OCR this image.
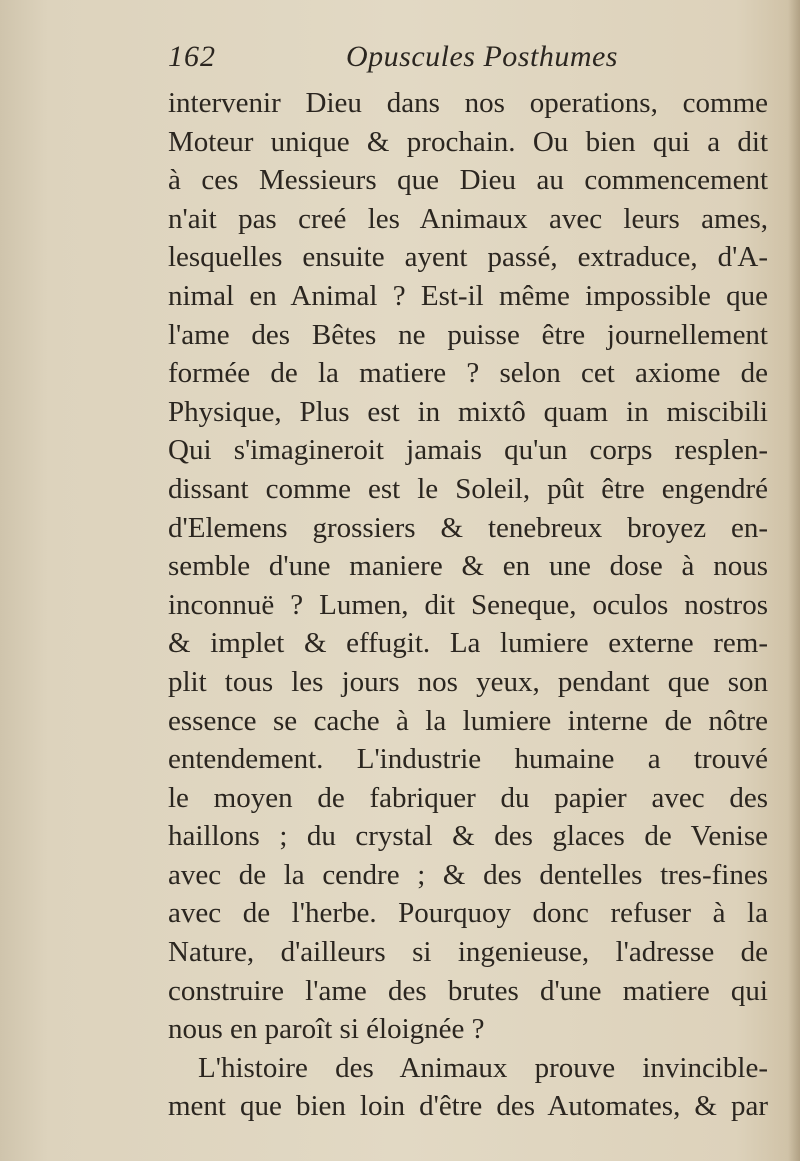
162	Opuscules Posthumes
intervenir Dieu dans nos operations, comme
Moteur unique & prochain. Ou bien qui a dit
à ces Messieurs que Dieu au commencement
n'ait pas creé les Animaux avec leurs ames,
lesquelles ensuite ayent passé, extraduce, d'A-
nimal en Animal ? Est-il même impossible que
l'ame des Bêtes ne puisse être journellement
formée de la matiere ? selon cet axiome de
Physique, Plus est in mixtô quam in miscibili
Qui s'imagineroit jamais qu'un corps resplen-
dissant comme est le Soleil, pût être engendré
d'Elemens grossiers & tenebreux broyez en-
semble d'une maniere & en une dose à nous
inconnuë ? Lumen, dit Seneque, oculos nostros
& implet & effugit. La lumiere externe rem-
plit tous les jours nos yeux, pendant que son
essence se cache à la lumiere interne de nôtre
entendement. L'industrie humaine a trouvé
le moyen de fabriquer du papier avec des
haillons ; du crystal & des glaces de Venise
avec de la cendre ; & des dentelles tres-fines
avec de l'herbe. Pourquoy donc refuser à la
Nature, d'ailleurs si ingenieuse, l'adresse de
construire l'ame des brutes d'une matiere qui
nous en paroît si éloignée ?
L'histoire des Animaux prouve invincible-
ment que bien loin d'être des Automates, & par
